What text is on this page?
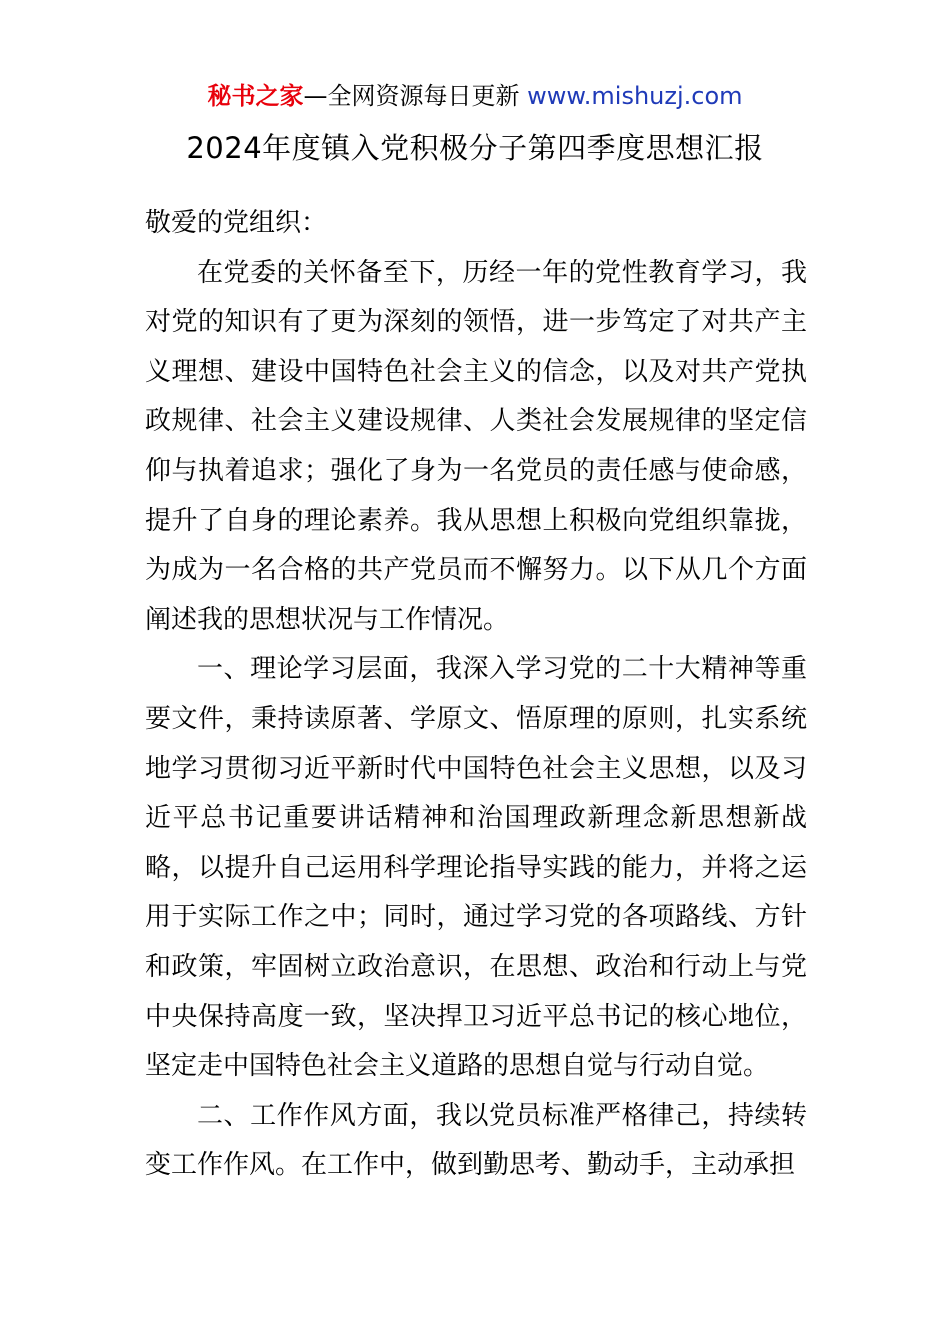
秘书之家—全网资源每日更新 www.mishuzj.com
2024年度镇入党积极分子第四季度思想汇报

敬爱的党组织：

在党委的关怀备至下，历经一年的党性教育学习，我对党的知识有了更为深刻的领悟，进一步笃定了对共产主义理想、建设中国特色社会主义的信念，以及对共产党执政规律、社会主义建设规律、人类社会发展规律的坚定信仰与执着追求；强化了身为一名党员的责任感与使命感，提升了自身的理论素养。我从思想上积极向党组织靠拢，为成为一名合格的共产党员而不懈努力。以下从几个方面阐述我的思想状况与工作情况。

一、理论学习层面，我深入学习党的二十大精神等重要文件，秉持读原著、学原文、悟原理的原则，扎实系统地学习贯彻习近平新时代中国特色社会主义思想，以及习近平总书记重要讲话精神和治国理政新理念新思想新战略，以提升自己运用科学理论指导实践的能力，并将之运用于实际工作之中；同时，通过学习党的各项路线、方针和政策，牢固树立政治意识，在思想、政治和行动上与党中央保持高度一致，坚决捍卫习近平总书记的核心地位，坚定走中国特色社会主义道路的思想自觉与行动自觉。

二、工作作风方面，我以党员标准严格律己，持续转变工作作风。在工作中，做到勤思考、勤动手，主动承担
